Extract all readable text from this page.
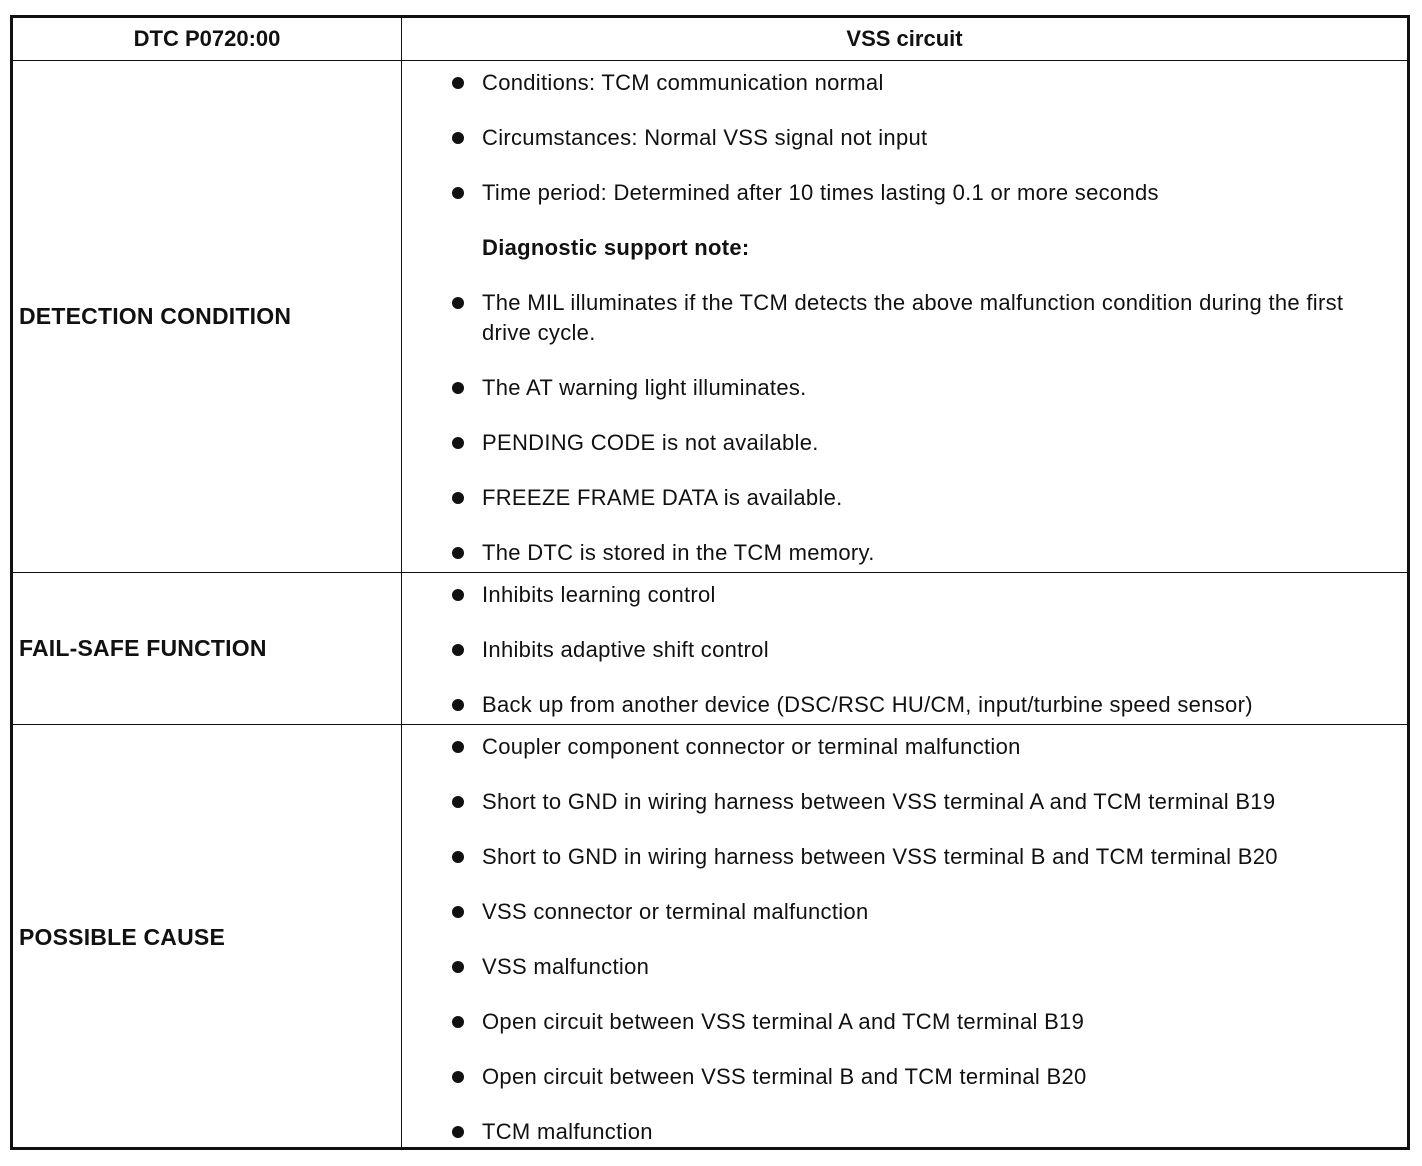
DTC P0720:00	VSS circuit
DETECTION CONDITION
Conditions: TCM communication normal
Circumstances: Normal VSS signal not input
Time period: Determined after 10 times lasting 0.1 or more seconds
Diagnostic support note:
The MIL illuminates if the TCM detects the above malfunction condition during the first drive cycle.
The AT warning light illuminates.
PENDING CODE is not available.
FREEZE FRAME DATA is available.
The DTC is stored in the TCM memory.
FAIL-SAFE FUNCTION
Inhibits learning control
Inhibits adaptive shift control
Back up from another device (DSC/RSC HU/CM, input/turbine speed sensor)
POSSIBLE CAUSE
Coupler component connector or terminal malfunction
Short to GND in wiring harness between VSS terminal A and TCM terminal B19
Short to GND in wiring harness between VSS terminal B and TCM terminal B20
VSS connector or terminal malfunction
VSS malfunction
Open circuit between VSS terminal A and TCM terminal B19
Open circuit between VSS terminal B and TCM terminal B20
TCM malfunction
